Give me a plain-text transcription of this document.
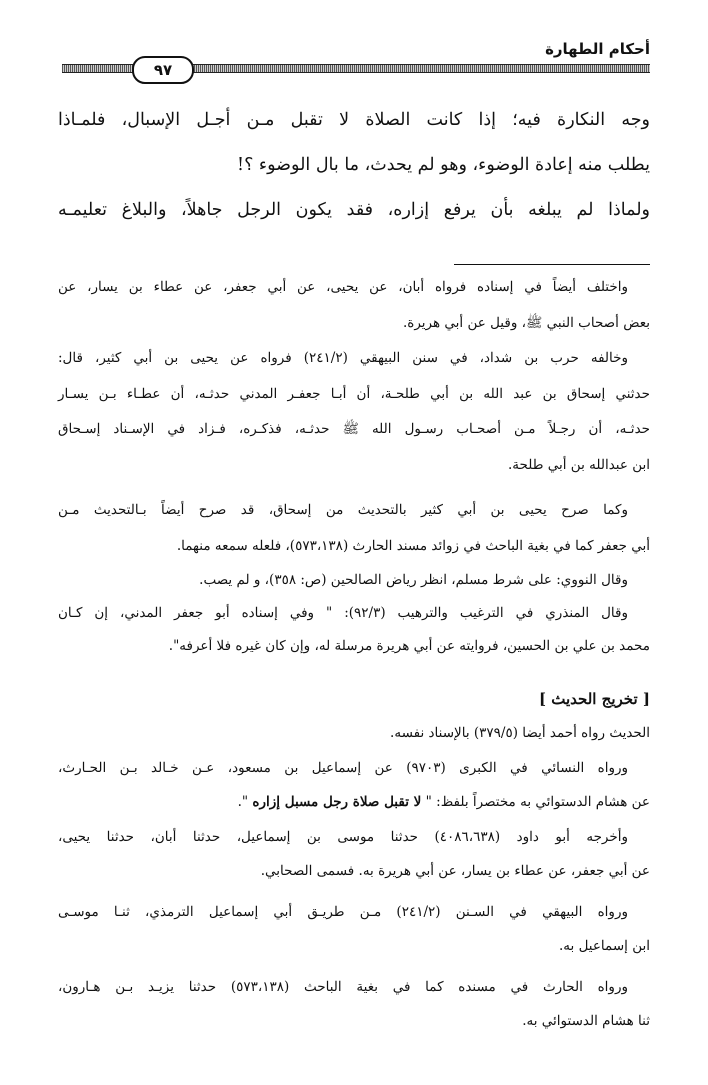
أحكام الطهارة
٩٧
وجه النكارة فيه؛ إذا كانت الصلاة لا تقبل مـن أجـل الإسبال، فلمـاذا
يطلب منه إعادة الوضوء، وهو لم يحدث، ما بال الوضوء ؟!
ولماذا لم يبلغه بأن يرفع إزاره، فقد يكون الرجل جاهلاً، والبلاغ تعليمـه
واختلف أيضاً في إسناده فرواه أبان، عن يحيى، عن أبي جعفر، عن عطاء بن يسار، عن
بعض أصحاب النبي ﷺ، وقيل عن أبي هريرة.
وخالفه حرب بن شداد، في سنن البيهقي (٢٤١/٢) فرواه عن يحيى بن أبي كثير، قال:
حدثني إسحاق بن عبد الله بن أبي طلحـة، أن أبـا جعفـر المدني حدثـه، أن عطـاء بـن يسـار
حدثـه، أن رجـلاً مـن أصحـاب رسـول الله ﷺ حدثـه، فذكـره، فـزاد في الإسـناد إسـحاق
ابن عبدالله بن أبي طلحة.
وكما صرح يحيى بن أبي كثير بالتحديث من إسحاق، قد صرح أيضاً بـالتحديث مـن
أبي جعفر كما في بغية الباحث في زوائد مسند الحارث (٥٧٣،١٣٨)، فلعله سمعه منهما.
وقال النووي: على شرط مسلم، انظر رياض الصالحين (ص: ٣٥٨)، و لم يصب.
وقال المنذري في الترغيب والترهيب (٩٢/٣): " وفي إسناده أبو جعفر المدني، إن كـان
محمد بن علي بن الحسين، فروايته عن أبي هريرة مرسلة له، وإن كان غيره فلا أعرفه".
[ تخريج الحديث ]
الحديث رواه أحمد أيضا (٣٧٩/٥) بالإسناد نفسه.
ورواه النسائي في الكبرى (٩٧٠٣) عن إسماعيل بن مسعود، عـن خـالد بـن الحـارث،
عن هشام الدستوائي به مختصراً بلفظ: " لا تقبل صلاة رجل مسبل إزاره ".
وأخرجه أبو داود (٤٠٨٦،٦٣٨) حدثنا موسى بن إسماعيل، حدثنا أبان، حدثنا يحيى،
عن أبي جعفر، عن عطاء بن يسار، عن أبي هريرة به. فسمى الصحابي.
ورواه البيهقي في السـنن (٢٤١/٢) مـن طريـق أبي إسماعيل الترمذي، ثنـا موسـى
ابن إسماعيل به.
ورواه الحارث في مسنده كما في بغية الباحث (٥٧٣،١٣٨) حدثنا يزيـد بـن هـارون،
ثنا هشام الدستوائي به.
